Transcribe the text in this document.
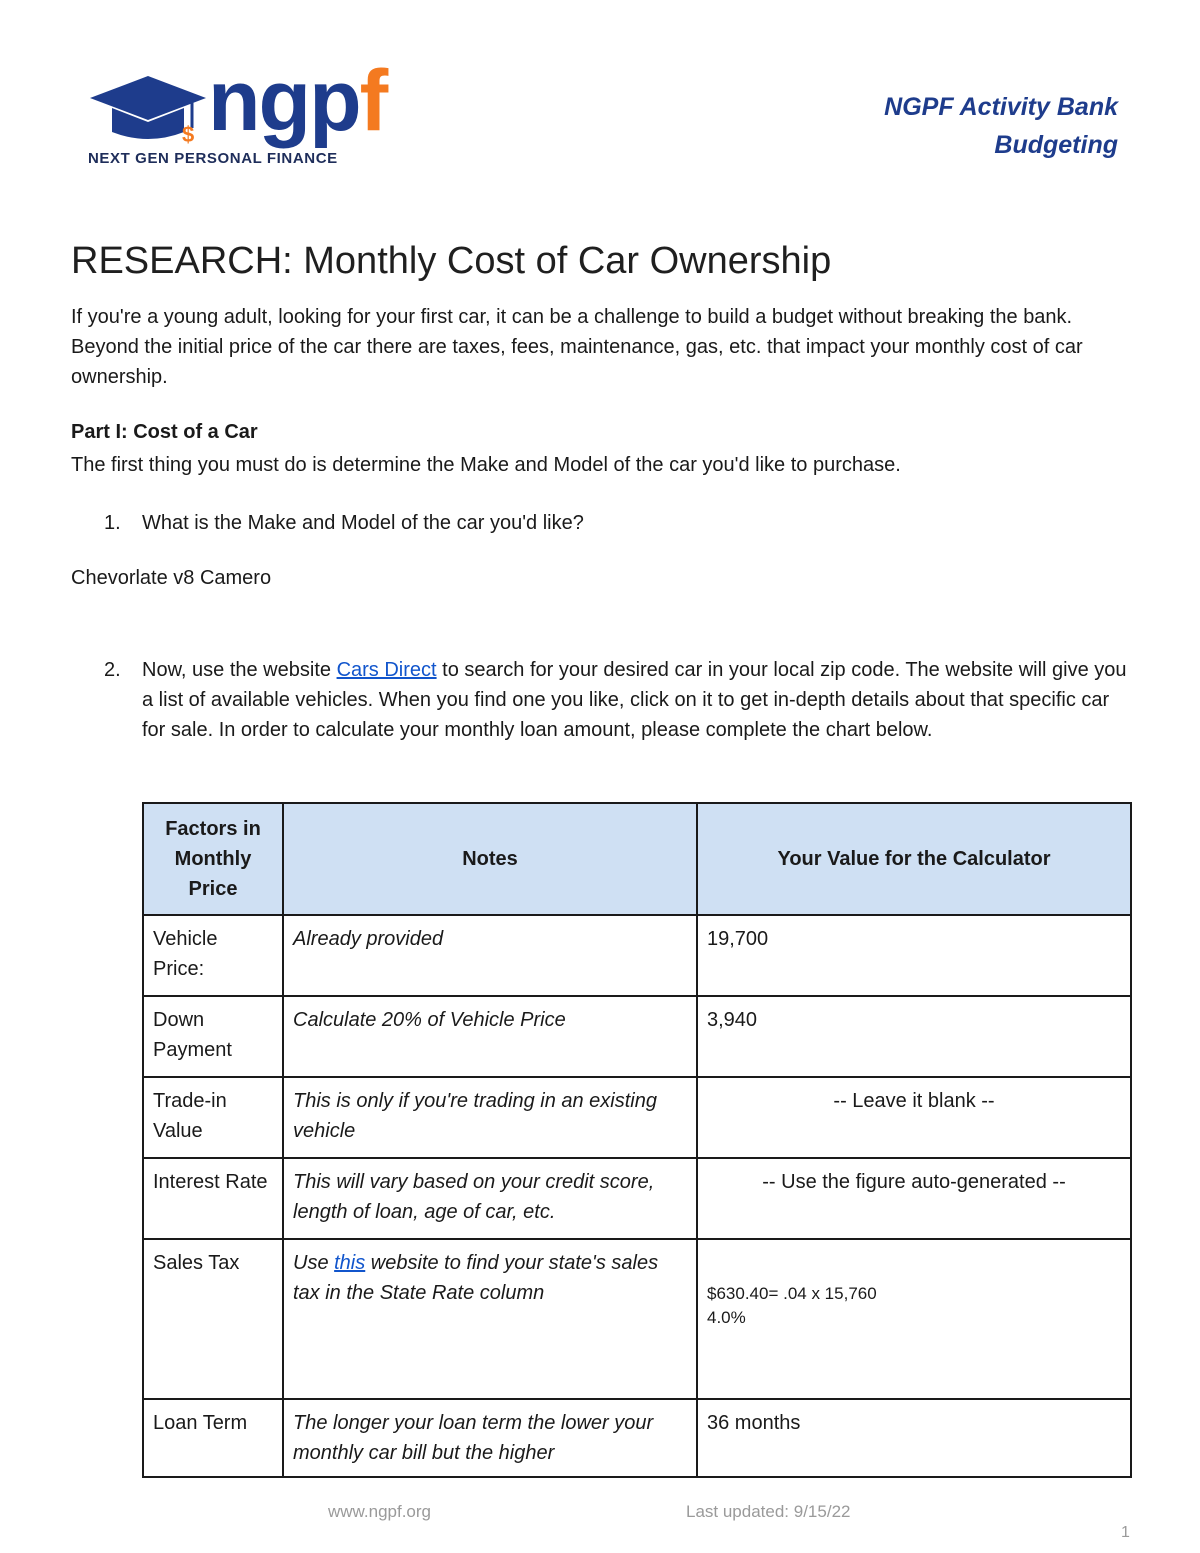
$ ngpf
NEXT GEN PERSONAL FINANCE
NGPF Activity Bank
Budgeting
RESEARCH: Monthly Cost of Car Ownership
If you're a young adult, looking for your first car, it can be a challenge to build a budget without breaking the bank. Beyond the initial price of the car there are taxes, fees, maintenance, gas, etc. that impact your monthly cost of car ownership.
Part I: Cost of a Car
The first thing you must do is determine the Make and Model of the car you'd like to purchase.
1. What is the Make and Model of the car you'd like?
Chevorlate v8 Camero
2. Now, use the website Cars Direct to search for your desired car in your local zip code. The website will give you a list of available vehicles. When you find one you like, click on it to get in-depth details about that specific car for sale. In order to calculate your monthly loan amount, please complete the chart below.
Factors in Monthly Price	Notes	Your Value for the Calculator
Vehicle Price:	Already provided	19,700
Down Payment	Calculate 20% of Vehicle Price	3,940
Trade-in Value	This is only if you're trading in an existing vehicle	-- Leave it blank --
Interest Rate	This will vary based on your credit score, length of loan, age of car, etc.	-- Use the figure auto-generated --
Sales Tax	Use this website to find your state's sales tax in the State Rate column	$630.40= .04 x 15,760
4.0%

Loan Term	The longer your loan term the lower your monthly car bill but the higher	36 months
www.ngpf.org	Last updated: 9/15/22
1
